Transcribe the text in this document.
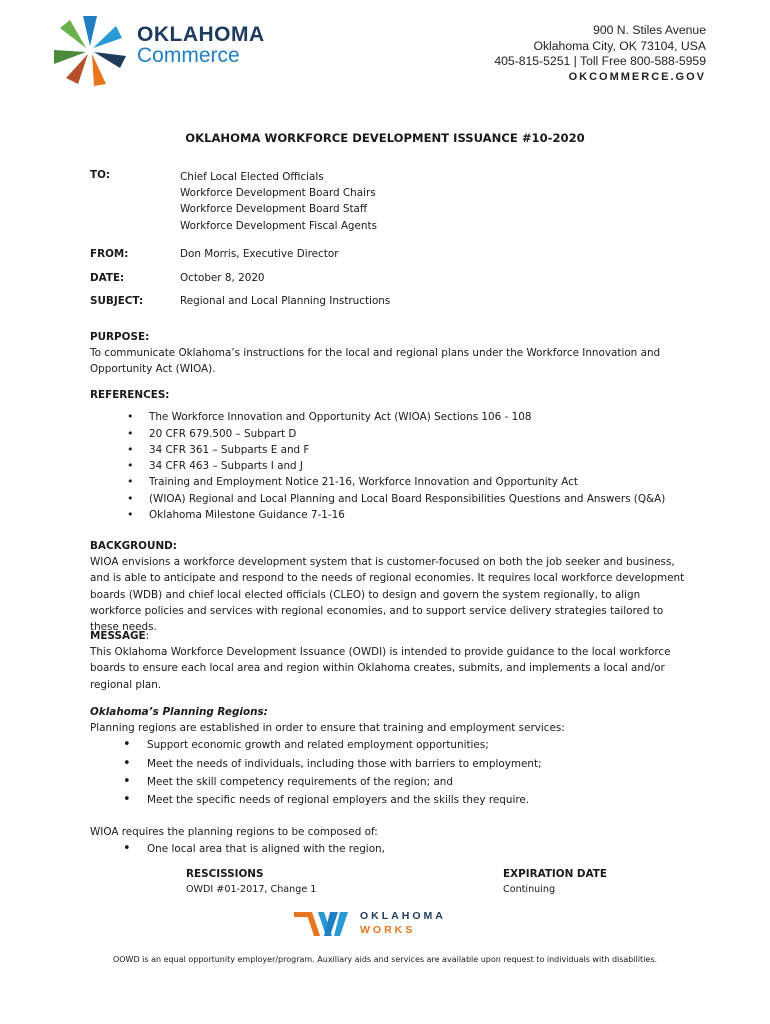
OKLAHOMA
Commerce
900 N. Stiles Avenue
Oklahoma City, OK 73104, USA
405-815-5251 | Toll Free 800-588-5959
OKCOMMERCE.GOV
OKLAHOMA WORKFORCE DEVELOPMENT ISSUANCE #10-2020
TO:	Chief Local Elected Officials
Workforce Development Board Chairs
Workforce Development Board Staff
Workforce Development Fiscal Agents
FROM:	Don Morris, Executive Director
DATE:	October 8, 2020
SUBJECT:	Regional and Local Planning Instructions
PURPOSE:
To communicate Oklahoma’s instructions for the local and regional plans under the Workforce Innovation and Opportunity Act (WIOA).
REFERENCES:
• The Workforce Innovation and Opportunity Act (WIOA) Sections 106 - 108
• 20 CFR 679.500 – Subpart D
• 34 CFR 361 – Subparts E and F
• 34 CFR 463 – Subparts I and J
• Training and Employment Notice 21-16, Workforce Innovation and Opportunity Act
• (WIOA) Regional and Local Planning and Local Board Responsibilities Questions and Answers (Q&A)
• Oklahoma Milestone Guidance 7-1-16
BACKGROUND:
WIOA envisions a workforce development system that is customer-focused on both the job seeker and business, and is able to anticipate and respond to the needs of regional economies. It requires local workforce development boards (WDB) and chief local elected officials (CLEO) to design and govern the system regionally, to align workforce policies and services with regional economies, and to support service delivery strategies tailored to these needs.
MESSAGE:
This Oklahoma Workforce Development Issuance (OWDI) is intended to provide guidance to the local workforce boards to ensure each local area and region within Oklahoma creates, submits, and implements a local and/or regional plan.
Oklahoma’s Planning Regions:
Planning regions are established in order to ensure that training and employment services:
• Support economic growth and related employment opportunities;
• Meet the needs of individuals, including those with barriers to employment;
• Meet the skill competency requirements of the region; and
• Meet the specific needs of regional employers and the skills they require.
WIOA requires the planning regions to be composed of:
• One local area that is aligned with the region,
RESCISSIONS
OWDI #01-2017, Change 1
EXPIRATION DATE
Continuing
OKLAHOMA
WORKS
OOWD is an equal opportunity employer/program. Auxiliary aids and services are available upon request to individuals with disabilities.
